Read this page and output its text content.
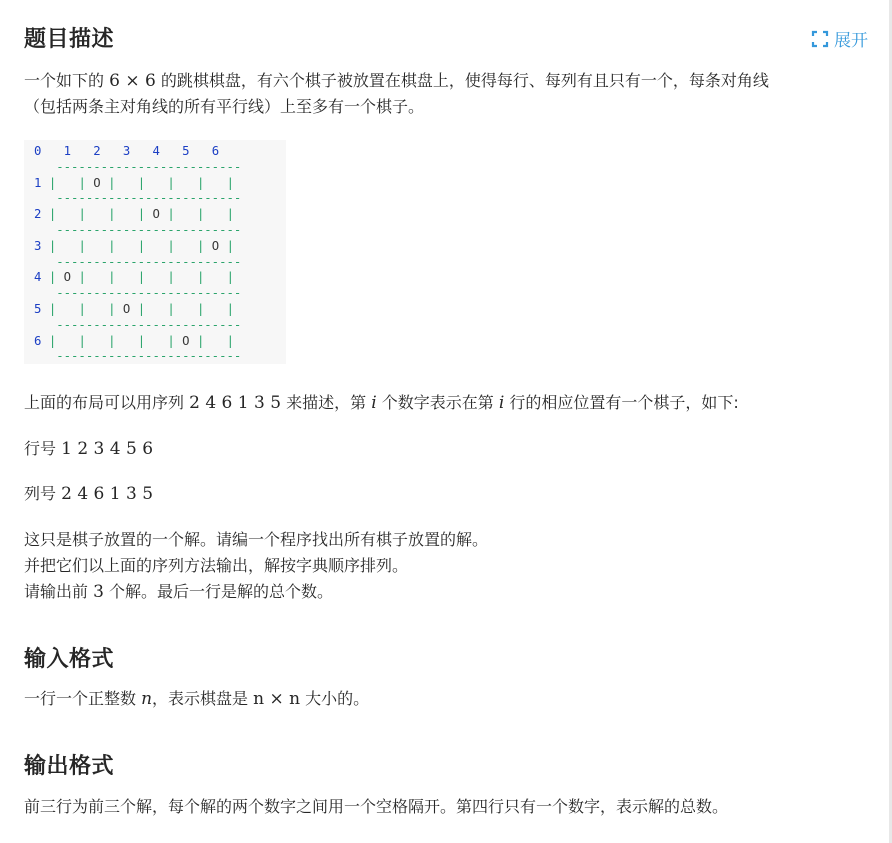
题目描述	展开

一个如下的 6 × 6 的跳棋棋盘，有六个棋子被放置在棋盘上，使得每行、每列有且只有一个，每条对角线
（包括两条主对角线的所有平行线）上至多有一个棋子。

0 1 2 3 4 5 6
-------------------------
1 | | O | | | | |
-------------------------
2 | | | | O | | |
-------------------------
3 | | | | | | O |
-------------------------
4 | O | | | | | |
-------------------------
5 | | | O | | | |
-------------------------
6 | | | | | O | |
-------------------------

上面的布局可以用序列 2 4 6 1 3 5 来描述，第 i 个数字表示在第 i 行的相应位置有一个棋子，如下:

行号 1 2 3 4 5 6

列号 2 4 6 1 3 5

这只是棋子放置的一个解。请编一个程序找出所有棋子放置的解。
并把它们以上面的序列方法输出，解按字典顺序排列。
请输出前 3 个解。最后一行是解的总个数。

输入格式

一行一个正整数 n，表示棋盘是 n × n 大小的。

输出格式

前三行为前三个解，每个解的两个数字之间用一个空格隔开。第四行只有一个数字，表示解的总数。
